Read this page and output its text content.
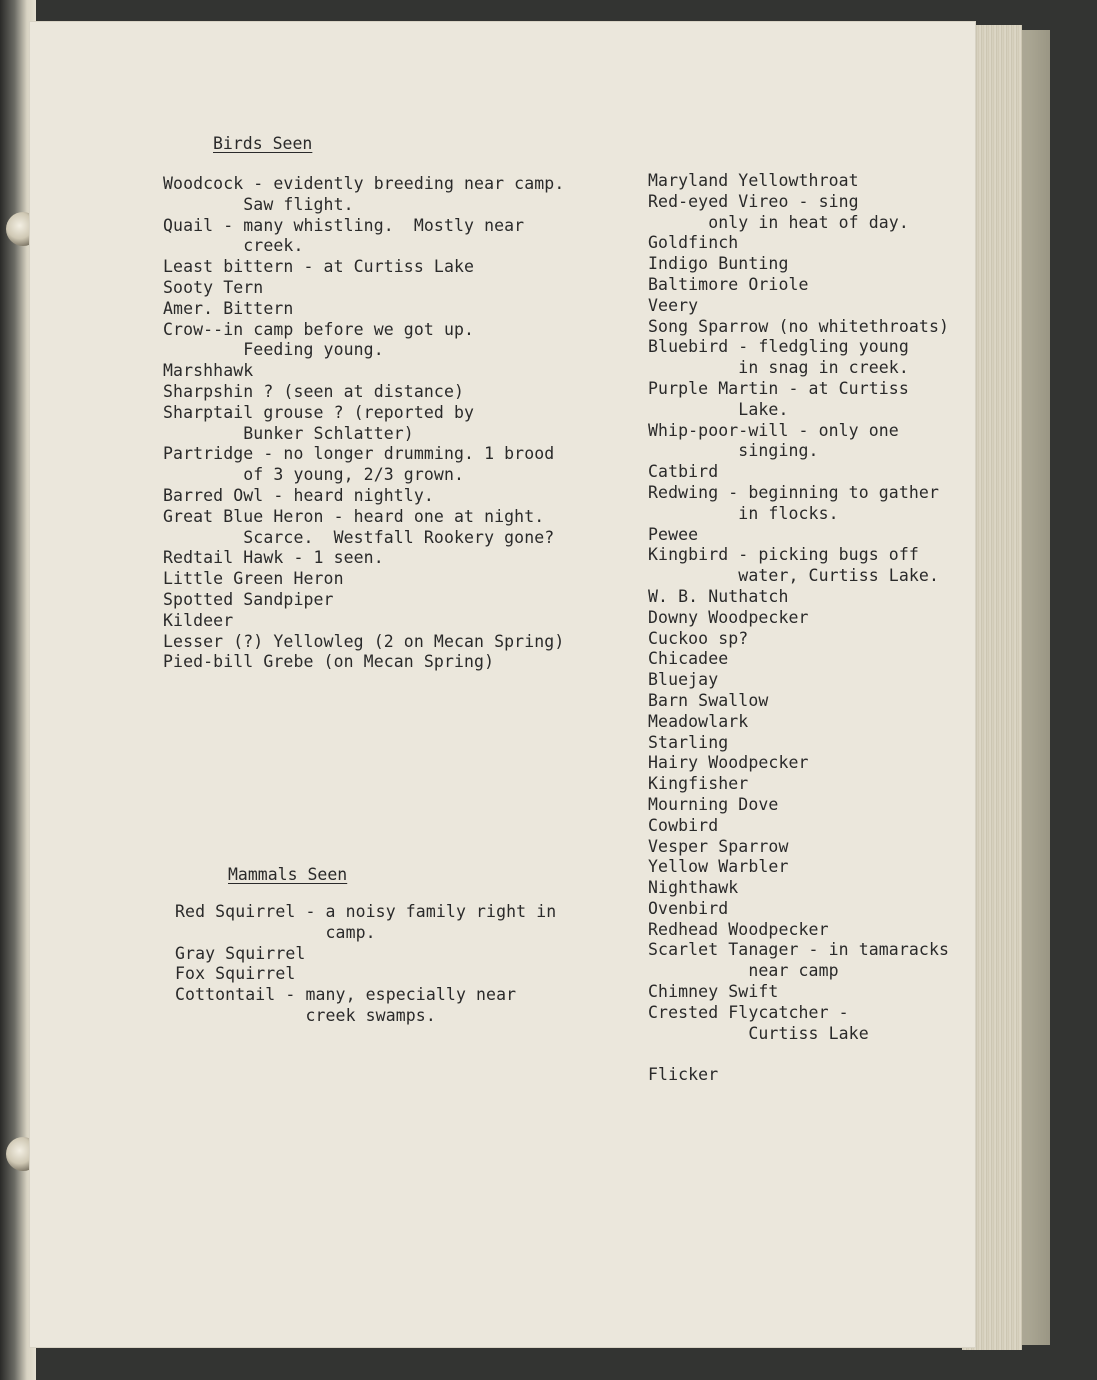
Birds Seen
Woodcock - evidently breeding near camp.
Saw flight.
Quail - many whistling.  Mostly near
creek.
Least bittern - at Curtiss Lake
Sooty Tern
Amer. Bittern
Crow--in camp before we got up.
Feeding young.
Marshhawk
Sharpshin ? (seen at distance)
Sharptail grouse ? (reported by
Bunker Schlatter)
Partridge - no longer drumming. 1 brood
of 3 young, 2/3 grown.
Barred Owl - heard nightly.
Great Blue Heron - heard one at night.
Scarce.  Westfall Rookery gone?
Redtail Hawk - 1 seen.
Little Green Heron
Spotted Sandpiper
Kildeer
Lesser (?) Yellowleg (2 on Mecan Spring)
Pied-bill Grebe (on Mecan Spring)
Maryland Yellowthroat
Red-eyed Vireo - sing
only in heat of day.
Goldfinch
Indigo Bunting
Baltimore Oriole
Veery
Song Sparrow (no whitethroats)
Bluebird - fledgling young
in snag in creek.
Purple Martin - at Curtiss
Lake.
Whip-poor-will - only one
singing.
Catbird
Redwing - beginning to gather
in flocks.
Pewee
Kingbird - picking bugs off
water, Curtiss Lake.
W. B. Nuthatch
Downy Woodpecker
Cuckoo sp?
Chicadee
Bluejay
Barn Swallow
Meadowlark
Starling
Hairy Woodpecker
Kingfisher
Mourning Dove
Cowbird
Vesper Sparrow
Yellow Warbler
Nighthawk
Ovenbird
Redhead Woodpecker
Scarlet Tanager - in tamaracks
near camp
Chimney Swift
Crested Flycatcher -
Curtiss Lake

Flicker
Mammals Seen
Red Squirrel - a noisy family right in
camp.
Gray Squirrel
Fox Squirrel
Cottontail - many, especially near
creek swamps.
